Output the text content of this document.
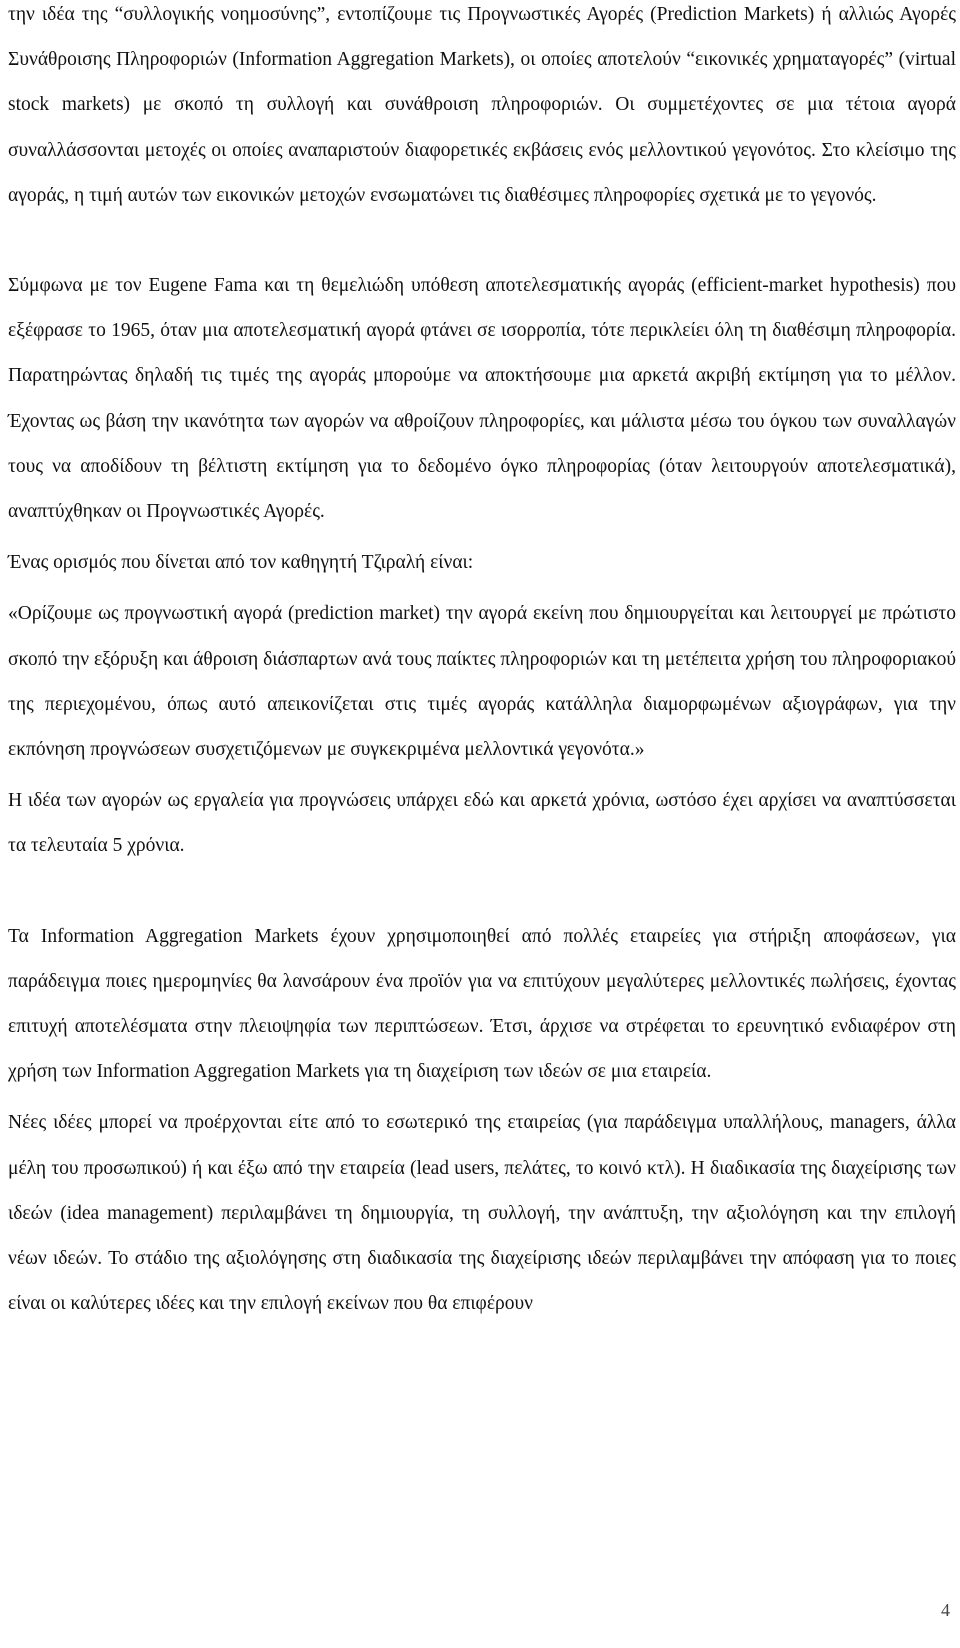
την ιδέα της “συλλογικής νοημοσύνης”, εντοπίζουμε τις Προγνωστικές Αγορές (Prediction Markets) ή αλλιώς Αγορές Συνάθροισης Πληροφοριών (Information Aggregation Markets), οι οποίες αποτελούν “εικονικές χρηματαγορές” (virtual stock markets) με σκοπό τη συλλογή και συνάθροιση πληροφοριών. Οι συμμετέχοντες σε μια τέτοια αγορά συναλλάσσονται μετοχές οι οποίες αναπαριστούν διαφορετικές εκβάσεις ενός μελλοντικού γεγονότος. Στο κλείσιμο της αγοράς, η τιμή αυτών των εικονικών μετοχών ενσωματώνει τις διαθέσιμες πληροφορίες σχετικά με το γεγονός.

Σύμφωνα με τον Eugene Fama και τη θεμελιώδη υπόθεση αποτελεσματικής αγοράς (efficient-market hypothesis) που εξέφρασε το 1965, όταν μια αποτελεσματική αγορά φτάνει σε ισορροπία, τότε περικλείει όλη τη διαθέσιμη πληροφορία. Παρατηρώντας δηλαδή τις τιμές της αγοράς μπορούμε να αποκτήσουμε μια αρκετά ακριβή εκτίμηση για το μέλλον. Έχοντας ως βάση την ικανότητα των αγορών να αθροίζουν πληροφορίες, και μάλιστα μέσω του όγκου των συναλλαγών τους να αποδίδουν τη βέλτιστη εκτίμηση για το δεδομένο όγκο πληροφορίας (όταν λειτουργούν αποτελεσματικά), αναπτύχθηκαν οι Προγνωστικές Αγορές.

Ένας ορισμός που δίνεται από τον καθηγητή Τζιραλή είναι:

«Ορίζουμε ως προγνωστική αγορά (prediction market) την αγορά εκείνη που δημιουργείται και λειτουργεί με πρώτιστο σκοπό την εξόρυξη και άθροιση διάσπαρτων ανά τους παίκτες πληροφοριών και τη μετέπειτα χρήση του πληροφοριακού της περιεχομένου, όπως αυτό απεικονίζεται στις τιμές αγοράς κατάλληλα διαμορφωμένων αξιογράφων, για την εκπόνηση προγνώσεων συσχετιζόμενων με συγκεκριμένα μελλοντικά γεγονότα.»

Η ιδέα των αγορών ως εργαλεία για προγνώσεις υπάρχει εδώ και αρκετά χρόνια, ωστόσο έχει αρχίσει να αναπτύσσεται τα τελευταία 5 χρόνια.

Τα Information Aggregation Markets έχουν χρησιμοποιηθεί από πολλές εταιρείες για στήριξη αποφάσεων, για παράδειγμα ποιες ημερομηνίες θα λανσάρουν ένα προϊόν για να επιτύχουν μεγαλύτερες μελλοντικές πωλήσεις, έχοντας επιτυχή αποτελέσματα στην πλειοψηφία των περιπτώσεων. Έτσι, άρχισε να στρέφεται το ερευνητικό ενδιαφέρον στη χρήση των Information Aggregation Markets για τη διαχείριση των ιδεών σε μια εταιρεία.

Νέες ιδέες μπορεί να προέρχονται είτε από το εσωτερικό της εταιρείας (για παράδειγμα υπαλλήλους, managers, άλλα μέλη του προσωπικού) ή και έξω από την εταιρεία (lead users, πελάτες, το κοινό κτλ). Η διαδικασία της διαχείρισης των ιδεών (idea management) περιλαμβάνει τη δημιουργία, τη συλλογή, την ανάπτυξη, την αξιολόγηση και την επιλογή νέων ιδεών. Το στάδιο της αξιολόγησης στη διαδικασία της διαχείρισης ιδεών περιλαμβάνει την απόφαση για το ποιες είναι οι καλύτερες ιδέες και την επιλογή εκείνων που θα επιφέρουν

4
